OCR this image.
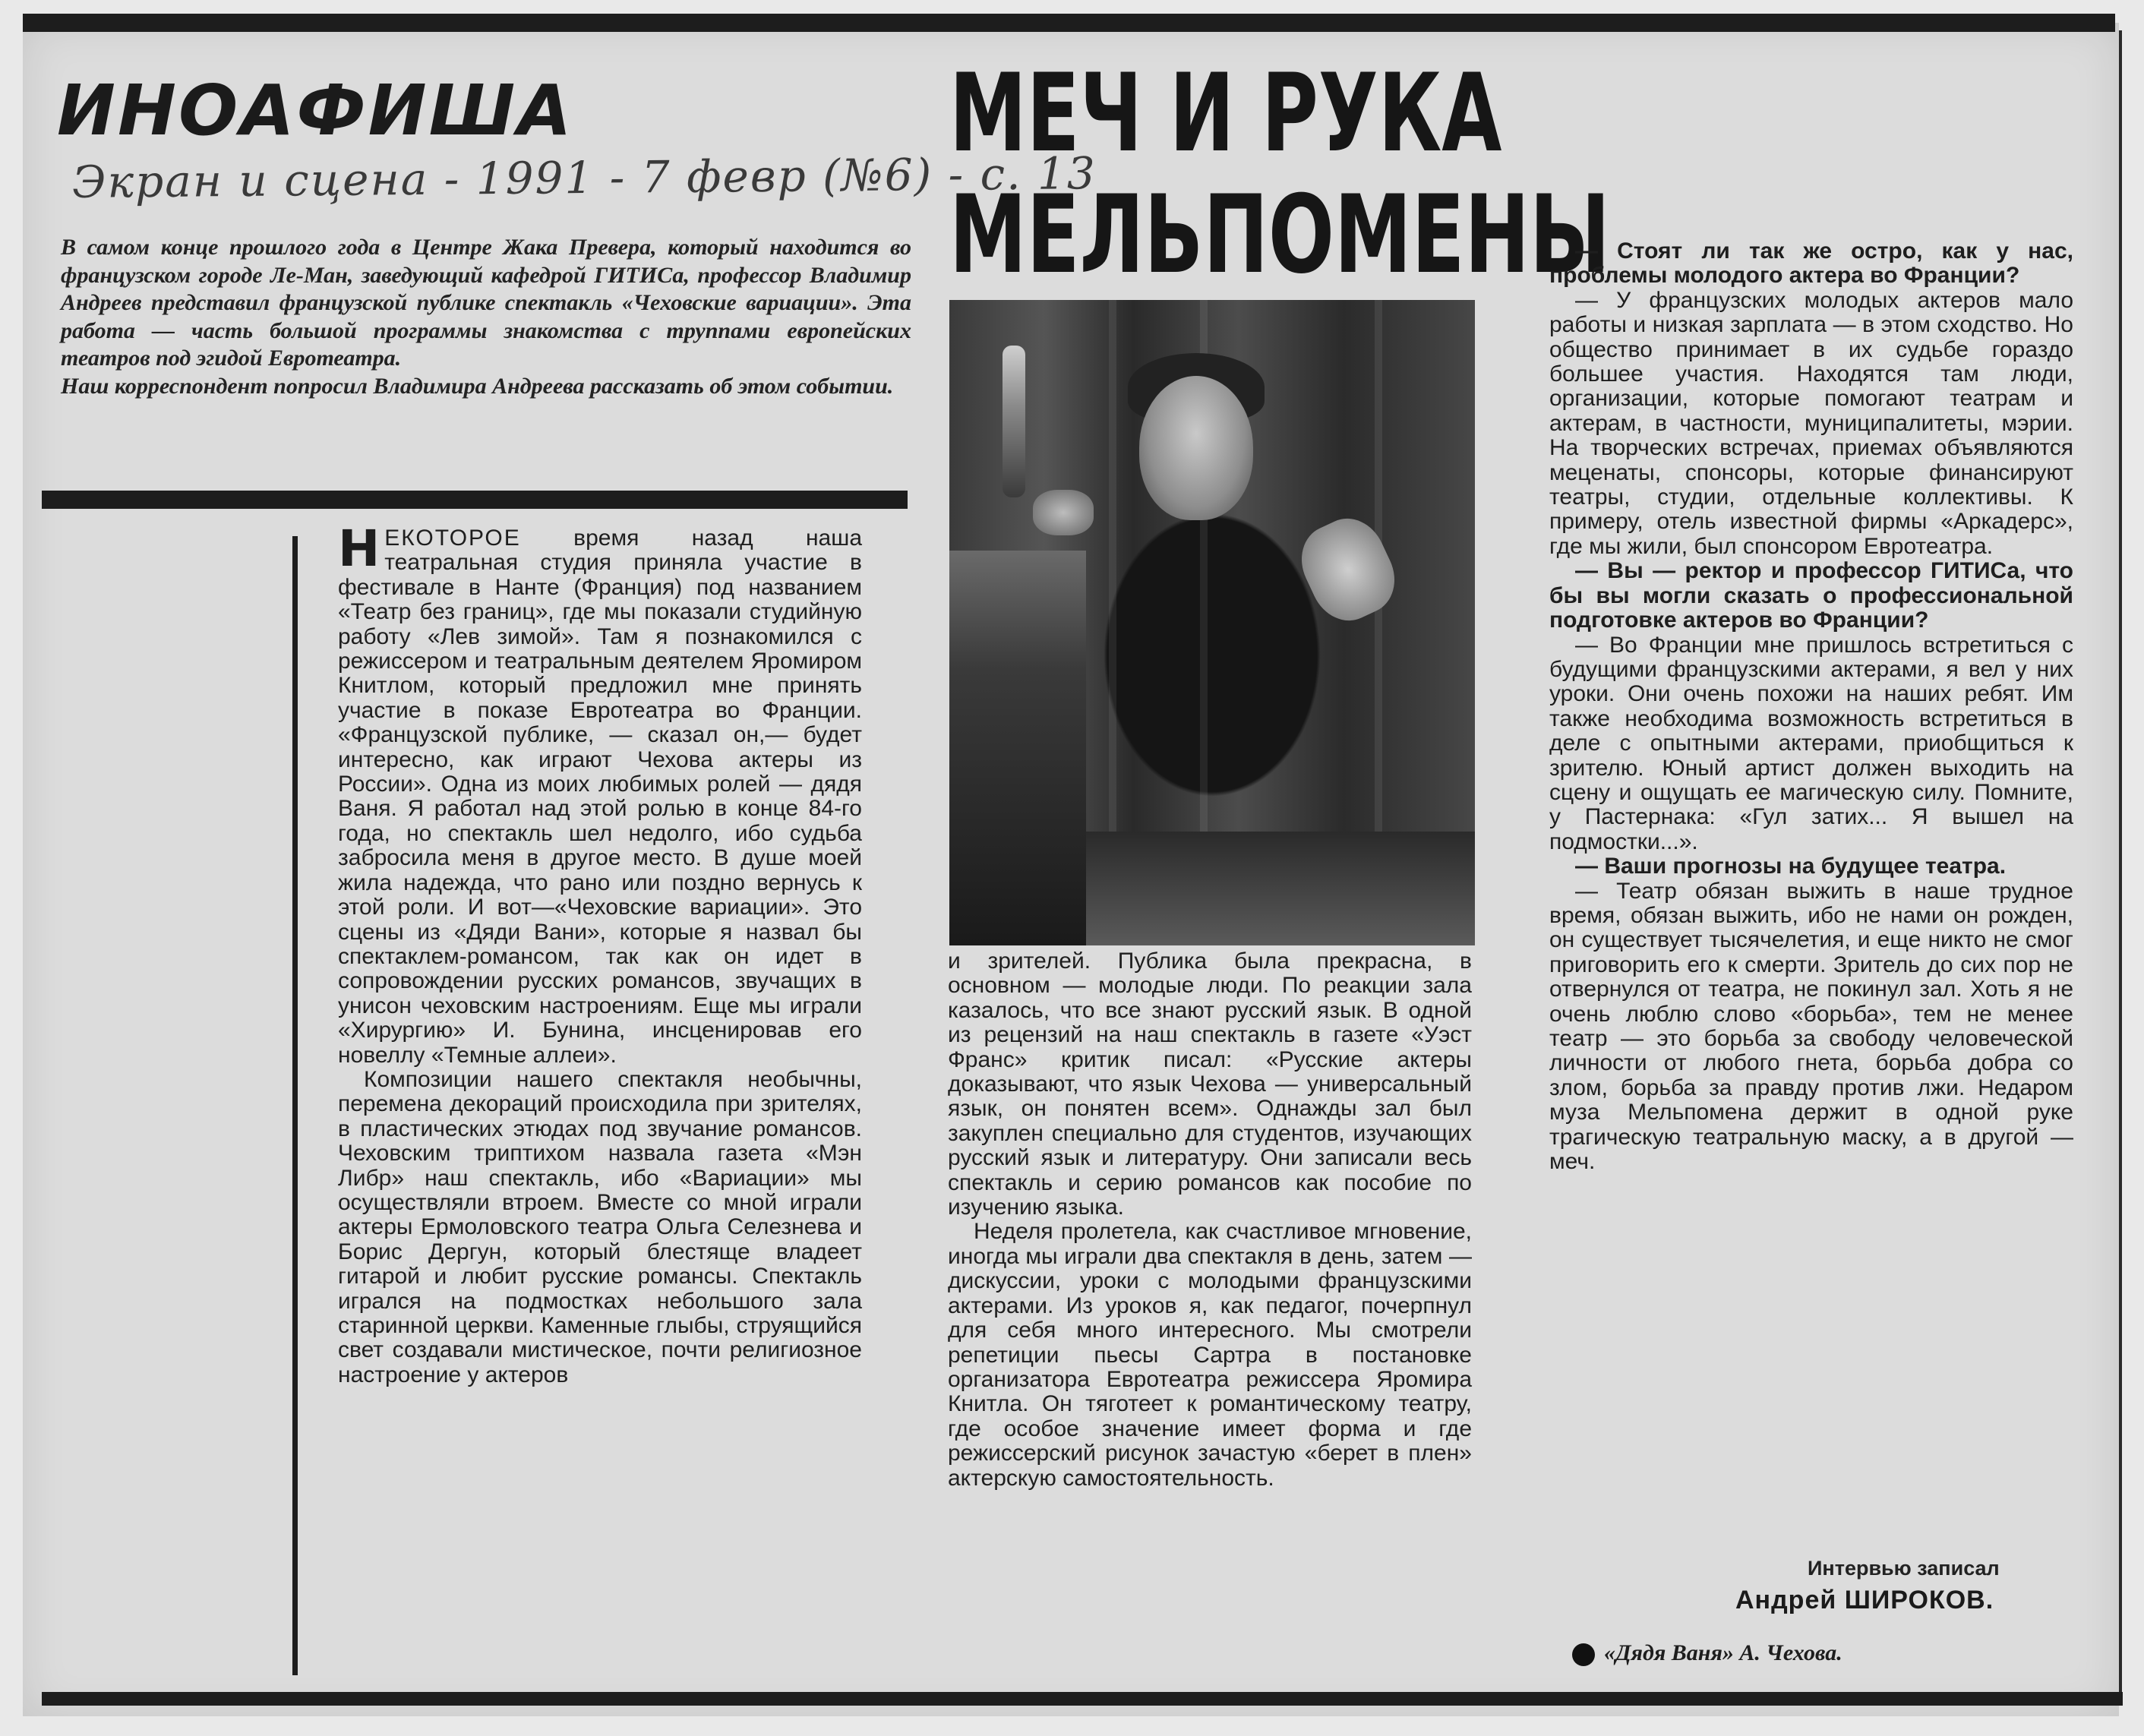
ИНОАФИША
Экран и сцена - 1991 - 7 февр (№6) - с. 13
МЕЧ И РУКА
МЕЛЬПОМЕНЫ

В самом конце прошлого года в Центре Жака Превера, который находится во французском городе Ле-Ман, заведующий кафедрой ГИТИСа, профессор Владимир Андреев представил французской публике спектакль «Чеховские вариации». Эта работа — часть большой программы знакомства с труппами европейских театров под эгидой Евротеатра.

Наш корреспондент попросил Владимира Андреева рассказать об этом событии.

НЕКОТОРОЕ время назад наша театральная студия приняла участие в фестивале в Нанте (Франция) под названием «Театр без границ», где мы показали студийную работу «Лев зимой». Там я познакомился с режиссером и театральным деятелем Яромиром Книтлом, который предложил мне принять участие в показе Евротеатра во Франции. «Французской публике, — сказал он,— будет интересно, как играют Чехова актеры из России». Одна из моих любимых ролей — дядя Ваня. Я работал над этой ролью в конце 84-го года, но спектакль шел недолго, ибо судьба забросила меня в другое место. В душе моей жила надежда, что рано или поздно вернусь к этой роли. И вот—«Чеховские вариации». Это сцены из «Дяди Вани», которые я назвал бы спектаклем-романсом, так как он идет в сопровождении русских романсов, звучащих в унисон чеховским настроениям. Еще мы играли «Хирургию» И. Бунина, инсценировав его новеллу «Темные аллеи».

Композиции нашего спектакля необычны, перемена декораций происходила при зрителях, в пластических этюдах под звучание романсов. Чеховским триптихом назвала газета «Мэн Либр» наш спектакль, ибо «Вариации» мы осуществляли втроем. Вместе со мной играли актеры Ермоловского театра Ольга Селезнева и Борис Дергун, который блестяще владеет гитарой и любит русские романсы. Спектакль игрался на подмостках небольшого зала старинной церкви. Каменные глыбы, струящийся свет создавали мистическое, почти религиозное настроение у актеров

и зрителей. Публика была прекрасна, в основном — молодые люди. По реакции зала казалось, что все знают русский язык. В одной из рецензий на наш спектакль в газете «Уэст Франс» критик писал: «Русские актеры доказывают, что язык Чехова — универсальный язык, он понятен всем». Однажды зал был закуплен специально для студентов, изучающих русский язык и литературу. Они записали весь спектакль и серию романсов как пособие по изучению языка.

Неделя пролетела, как счастливое мгновение, иногда мы играли два спектакля в день, затем — дискуссии, уроки с молодыми французскими актерами. Из уроков я, как педагог, почерпнул для себя много интересного. Мы смотрели репетиции пьесы Сартра в постановке организатора Евротеатра режиссера Яромира Книтла. Он тяготеет к романтическому театру, где особое значение имеет форма и где режиссерский рисунок зачастую «берет в плен» актерскую самостоятельность.

— Стоят ли так же остро, как у нас, проблемы молодого актера во Франции?

— У французских молодых актеров мало работы и низкая зарплата — в этом сходство. Но общество принимает в их судьбе гораздо большее участия. Находятся там люди, организации, которые помогают театрам и актерам, в частности, муниципалитеты, мэрии. На творческих встречах, приемах объявляются меценаты, спонсоры, которые финансируют театры, студии, отдельные коллективы. К примеру, отель известной фирмы «Аркадерс», где мы жили, был спонсором Евротеатра.

— Вы — ректор и профессор ГИТИСа, что бы вы могли сказать о профессиональной подготовке актеров во Франции?

— Во Франции мне пришлось встретиться с будущими французскими актерами, я вел у них уроки. Они очень похожи на наших ребят. Им также необходима возможность встретиться в деле с опытными актерами, приобщиться к зрителю. Юный артист должен выходить на сцену и ощущать ее магическую силу. Помните, у Пастернака: «Гул затих... Я вышел на подмостки...».

— Ваши прогнозы на будущее театра.

— Театр обязан выжить в наше трудное время, обязан выжить, ибо не нами он рожден, он существует тысячелетия, и еще никто не смог приговорить его к смерти. Зритель до сих пор не отвернулся от театра, не покинул зал. Хоть я не очень люблю слово «борьба», тем не менее театр — это борьба за свободу человеческой личности от любого гнета, борьба добра со злом, борьба за правду против лжи. Недаром муза Мельпомена держит в одной руке трагическую театральную маску, а в другой — меч.

Интервью записал
Андрей ШИРОКОВ.
«Дядя Ваня» А. Чехова.
